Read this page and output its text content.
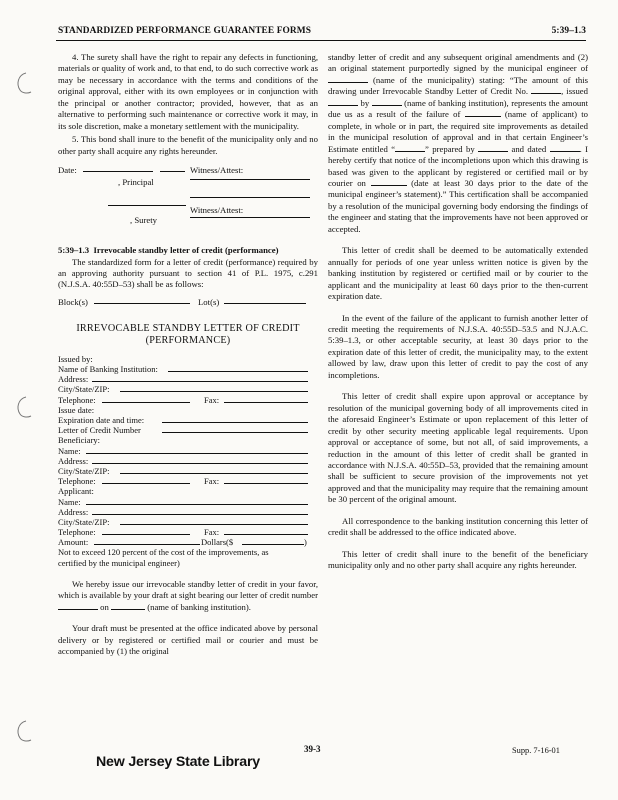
STANDARDIZED PERFORMANCE GUARANTEE FORMS	5:39–1.3

4. The surety shall have the right to repair any defects in functioning, materials or quality of work and, to that end, to do such corrective work as may be necessary in accordance with the terms and conditions of the original approval, either with its own employees or in conjunction with the principal or another contractor; provided, however, that as an alternative to performing such maintenance or corrective work it may, in its sole discretion, make a monetary settlement with the municipality.

5. This bond shall inure to the benefit of the municipality only and no other party shall acquire any rights hereunder.

Date:	Witness/Attest:
, Principal
Witness/Attest:
, Surety

5:39–1.3 Irrevocable standby letter of credit (performance)

The standardized form for a letter of credit (performance) required by an approving authority pursuant to section 41 of P.L. 1975, c.291 (N.J.S.A. 40:55D–53) shall be as follows:

Block(s)	Lot(s)
IRREVOCABLE STANDBY LETTER OF CREDIT
(PERFORMANCE)
Issued by:
Name of Banking Institution:
Address:
City/State/ZIP:
Telephone:	Fax:
Issue date:
Expiration date and time:
Letter of Credit Number
Beneficiary:
Name:
Address:
City/State/ZIP:
Telephone:	Fax:
Applicant:
Name:
Address:
City/State/ZIP:
Telephone:	Fax:
Amount:	Dollars($	)
Not to exceed 120 percent of the cost of the improvements, as
certified by the municipal engineer)

We hereby issue our irrevocable standby letter of credit in your favor, which is available by your draft at sight bearing our letter of credit number  on	(name of banking institution).

Your draft must be presented at the office indicated above by personal delivery or by registered or certified mail or courier and must be accompanied by (1) the original

standby letter of credit and any subsequent original amendments and (2) an original statement purportedly signed by the municipal engineer of  (name of the municipality) stating: “The amount of this drawing under Irrevocable Standby Letter of Credit No.	, issued  by	(name of banking institution), represents the amount due us as a result of the failure of	(name of applicant) to complete, in whole or in part, the required site improvements as detailed in the municipal resolution of approval and in that certain Engineer’s Estimate entitled “	” prepared by	and dated	. I hereby certify that notice of the incompletions upon which this drawing is based was given to the applicant by registered or certified mail or by courier on	(date at least 30 days prior to the date of the municipal engineer’s statement).” This certification shall be accompanied by a resolution of the municipal governing body endorsing the findings of the engineer and stating that the improvements have not been approved or accepted.

This letter of credit shall be deemed to be automatically extended annually for periods of one year unless written notice is given by the banking institution by registered or certified mail or by courier to the applicant and the municipality at least 60 days prior to the then-current expiration date.

In the event of the failure of the applicant to furnish another letter of credit meeting the requirements of N.J.S.A. 40:55D–53.5 and N.J.A.C. 5:39–1.3, or other acceptable security, at least 30 days prior to the expiration date of this letter of credit, the municipality may, to the extent allowed by law, draw upon this letter of credit to pay the cost of any incompletions.

This letter of credit shall expire upon approval or acceptance by resolution of the municipal governing body of all improvements cited in the aforesaid Engineer’s Estimate or upon replacement of this letter of credit by other security meeting applicable legal requirements. Upon approval or acceptance of some, but not all, of said improvements, a reduction in the amount of this letter of credit shall be granted in accordance with N.J.S.A. 40:55D–53, provided that the remaining amount shall be sufficient to secure provision of the improvements not yet approved and that the municipality may require that the remaining amount be 30 percent of the original amount.

All correspondence to the banking institution concerning this letter of credit shall be addressed to the office indicated above.

This letter of credit shall inure to the benefit of the beneficiary municipality only and no other party shall acquire any rights hereunder.

New Jersey State Library
39-3	Supp. 7-16-01
